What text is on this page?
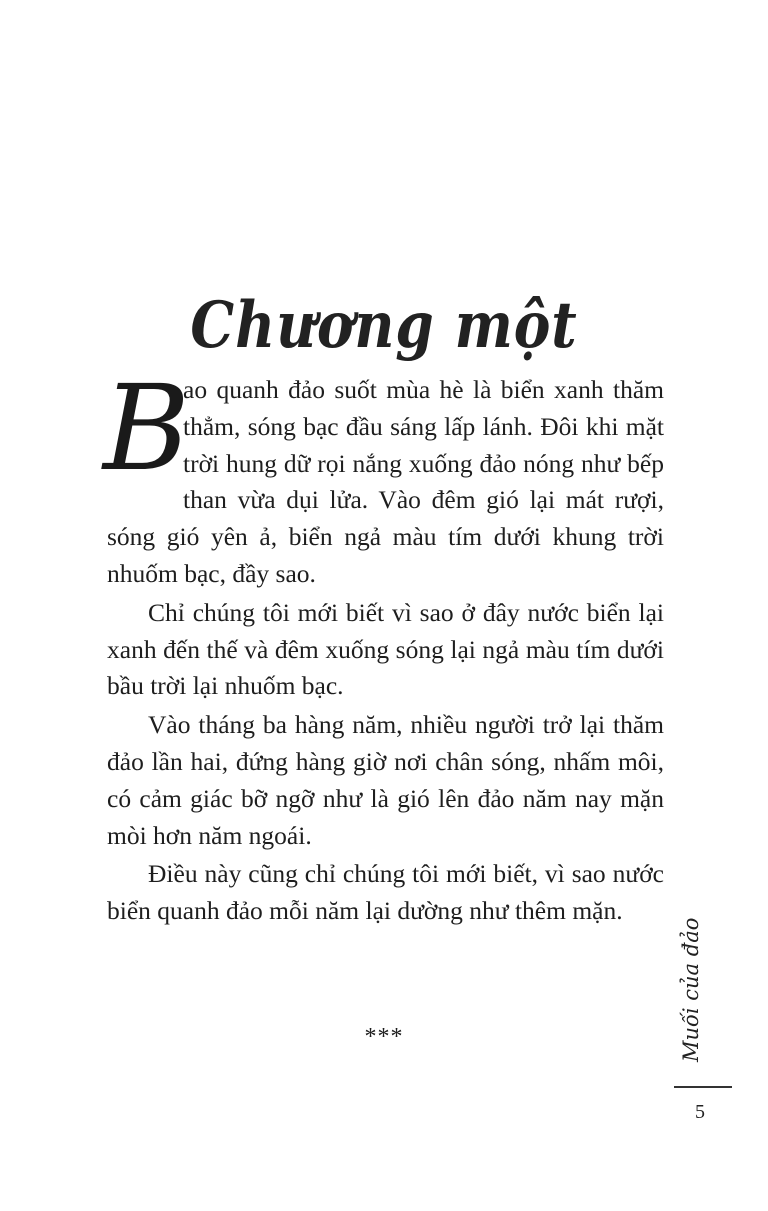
Chương một

B
ao quanh đảo suốt mùa hè là biển xanh thăm thẳm, sóng bạc đầu sáng lấp lánh. Đôi khi mặt trời hung dữ rọi nắng xuống đảo nóng như bếp than vừa dụi lửa. Vào đêm gió lại mát rượi, sóng gió yên ả, biển ngả màu tím dưới khung trời nhuốm bạc, đầy sao.

Chỉ chúng tôi mới biết vì sao ở đây nước biển lại xanh đến thế và đêm xuống sóng lại ngả màu tím dưới bầu trời lại nhuốm bạc.

Vào tháng ba hàng năm, nhiều người trở lại thăm đảo lần hai, đứng hàng giờ nơi chân sóng, nhấm môi, có cảm giác bỡ ngỡ như là gió lên đảo năm nay mặn mòi hơn năm ngoái.

Điều này cũng chỉ chúng tôi mới biết, vì sao nước biển quanh đảo mỗi năm lại dường như thêm mặn.

***	Muối của đảo
5
